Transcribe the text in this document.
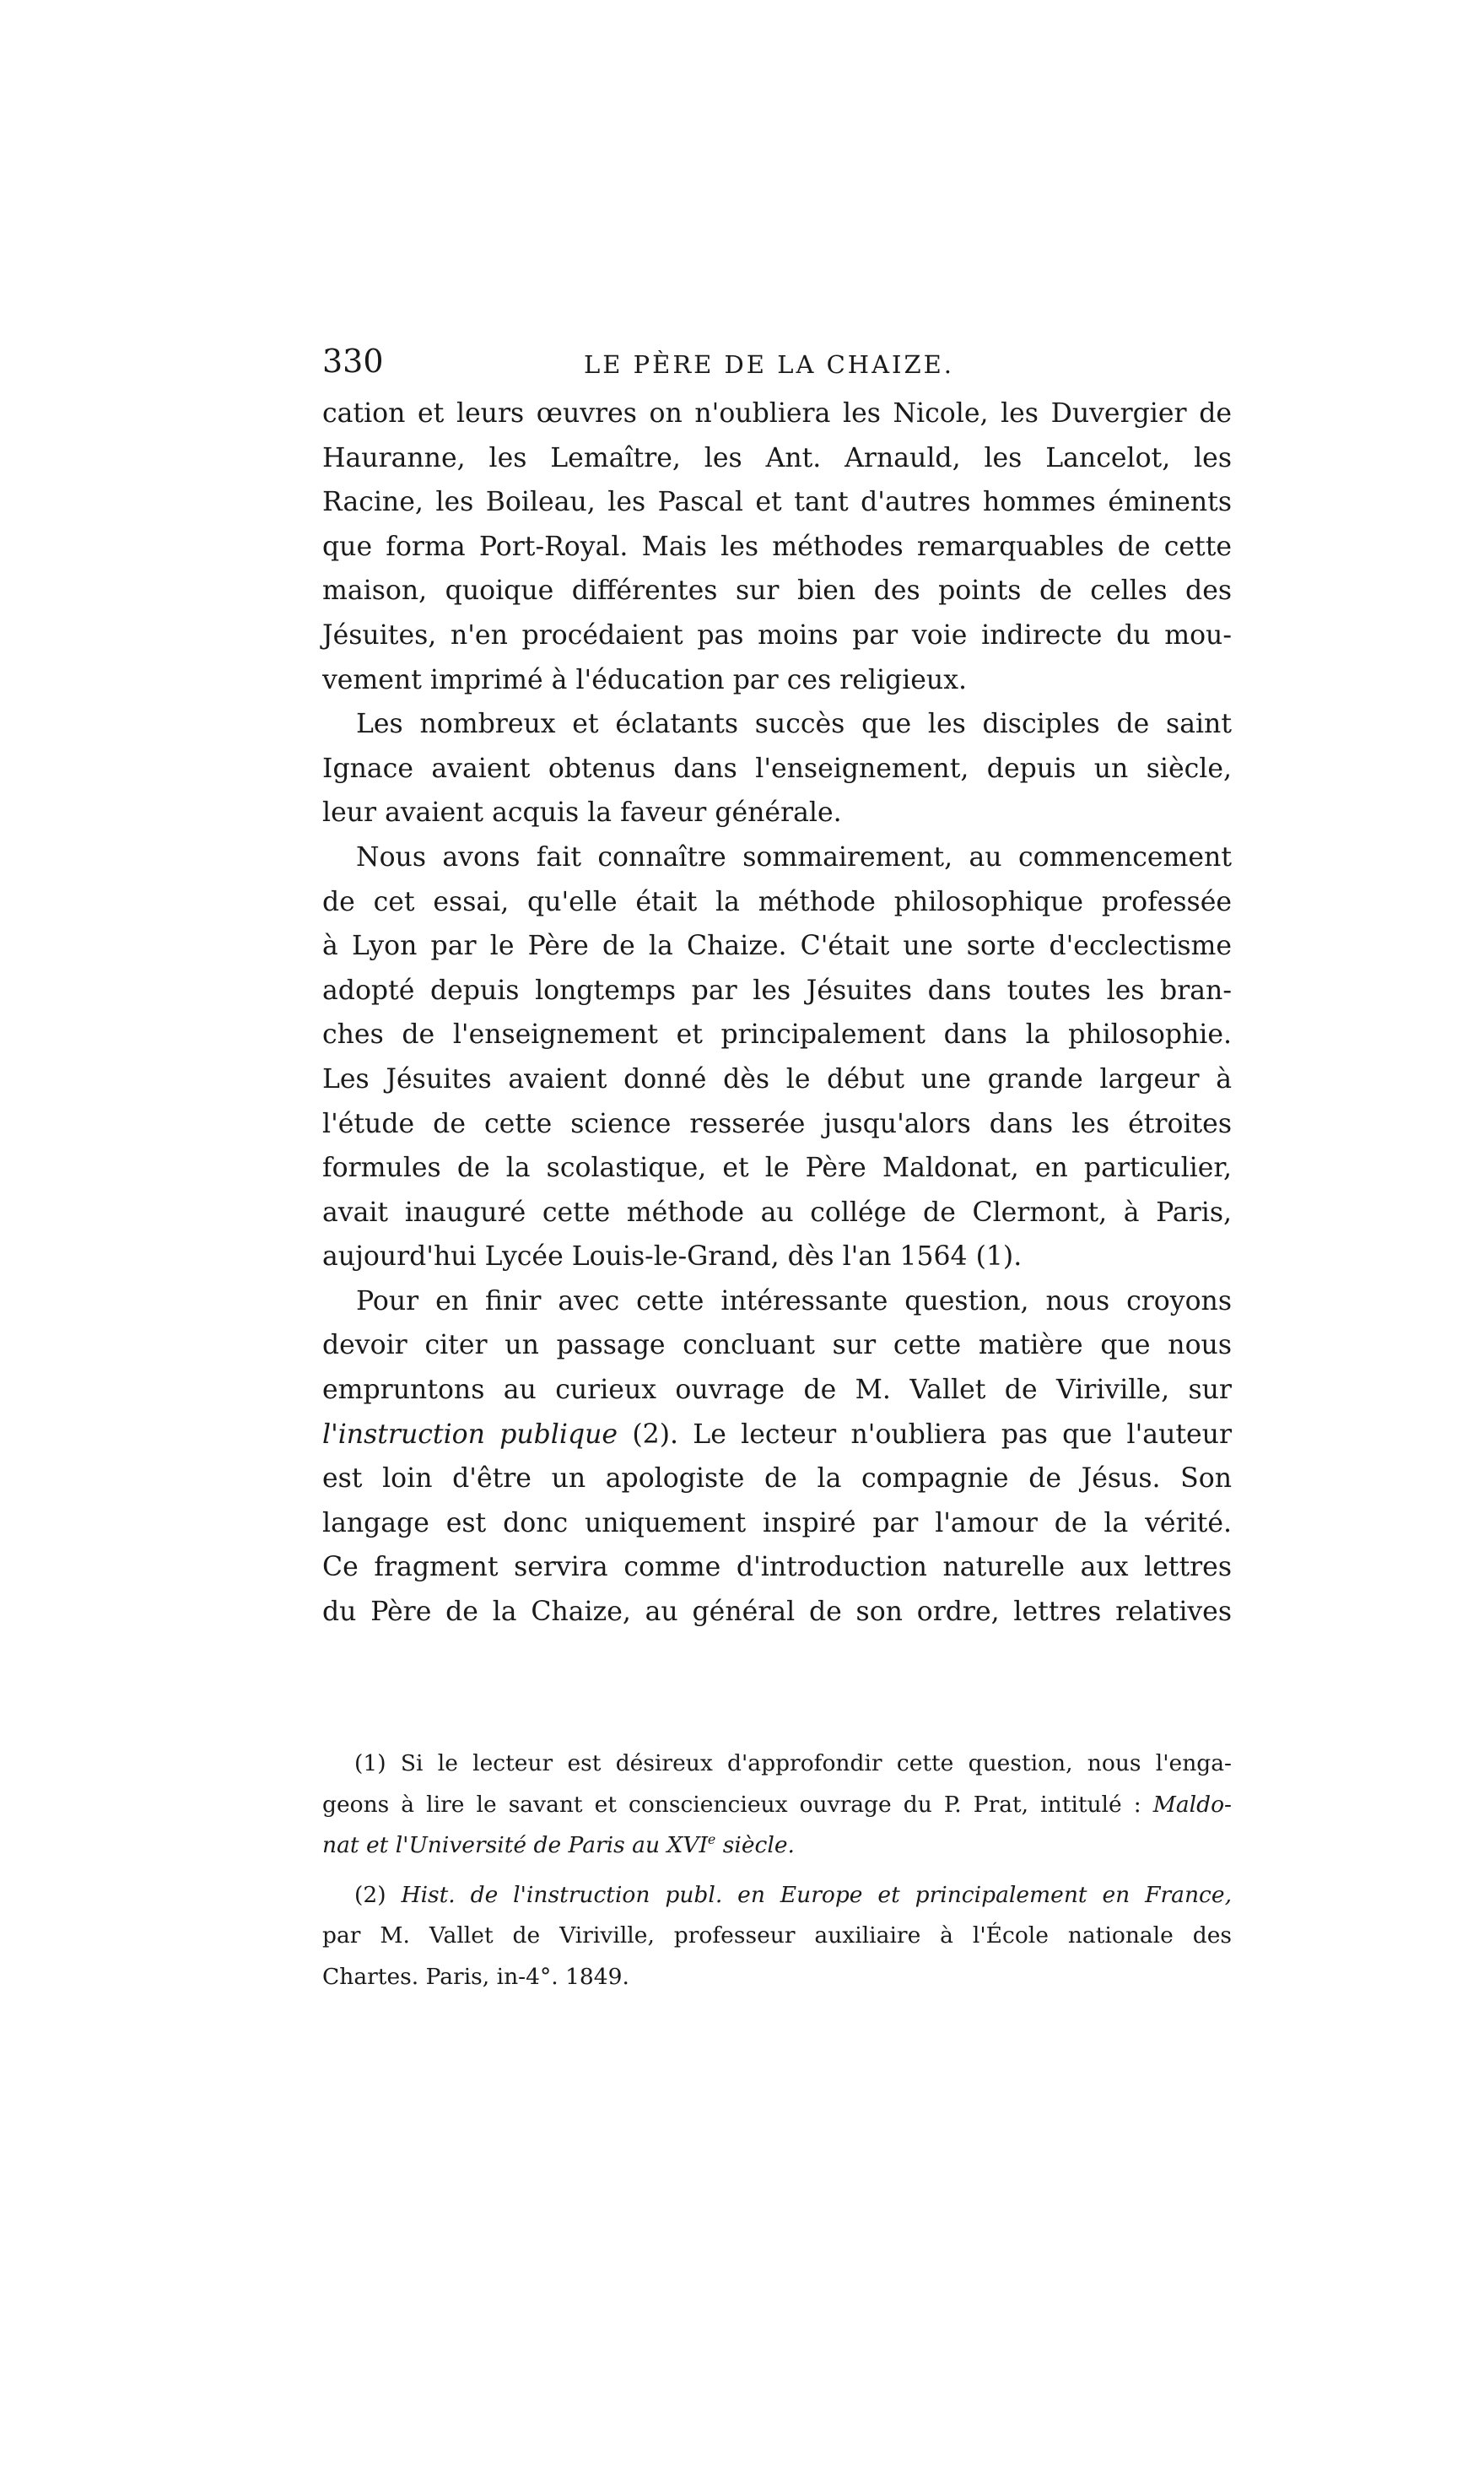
330	LE PÈRE DE LA CHAIZE.
cation et leurs œuvres on n'oubliera les Nicole, les Duvergier de
Hauranne, les Lemaître, les Ant. Arnauld, les Lancelot, les
Racine, les Boileau, les Pascal et tant d'autres hommes éminents
que forma Port-Royal. Mais les méthodes remarquables de cette
maison, quoique différentes sur bien des points de celles des
Jésuites, n'en procédaient pas moins par voie indirecte du mou-
vement imprimé à l'éducation par ces religieux.
Les nombreux et éclatants succès que les disciples de saint
Ignace avaient obtenus dans l'enseignement, depuis un siècle,
leur avaient acquis la faveur générale.
Nous avons fait connaître sommairement, au commencement
de cet essai, qu'elle était la méthode philosophique professée
à Lyon par le Père de la Chaize. C'était une sorte d'ecclectisme
adopté depuis longtemps par les Jésuites dans toutes les bran-
ches de l'enseignement et principalement dans la philosophie.
Les Jésuites avaient donné dès le début une grande largeur à
l'étude de cette science resserée jusqu'alors dans les étroites
formules de la scolastique, et le Père Maldonat, en particulier,
avait inauguré cette méthode au collége de Clermont, à Paris,
aujourd'hui Lycée Louis-le-Grand, dès l'an 1564 (1).
Pour en finir avec cette intéressante question, nous croyons
devoir citer un passage concluant sur cette matière que nous
empruntons au curieux ouvrage de M. Vallet de Viriville, sur
l'instruction publique (2). Le lecteur n'oubliera pas que l'auteur
est loin d'être un apologiste de la compagnie de Jésus. Son
langage est donc uniquement inspiré par l'amour de la vérité.
Ce fragment servira comme d'introduction naturelle aux lettres
du Père de la Chaize, au général de son ordre, lettres relatives
(1) Si le lecteur est désireux d'approfondir cette question, nous l'enga-
geons à lire le savant et consciencieux ouvrage du P. Prat, intitulé : Maldo-
nat et l'Université de Paris au XVIe siècle.
(2) Hist. de l'instruction publ. en Europe et principalement en France,
par M. Vallet de Viriville, professeur auxiliaire à l'École nationale des
Chartes. Paris, in-4°. 1849.
